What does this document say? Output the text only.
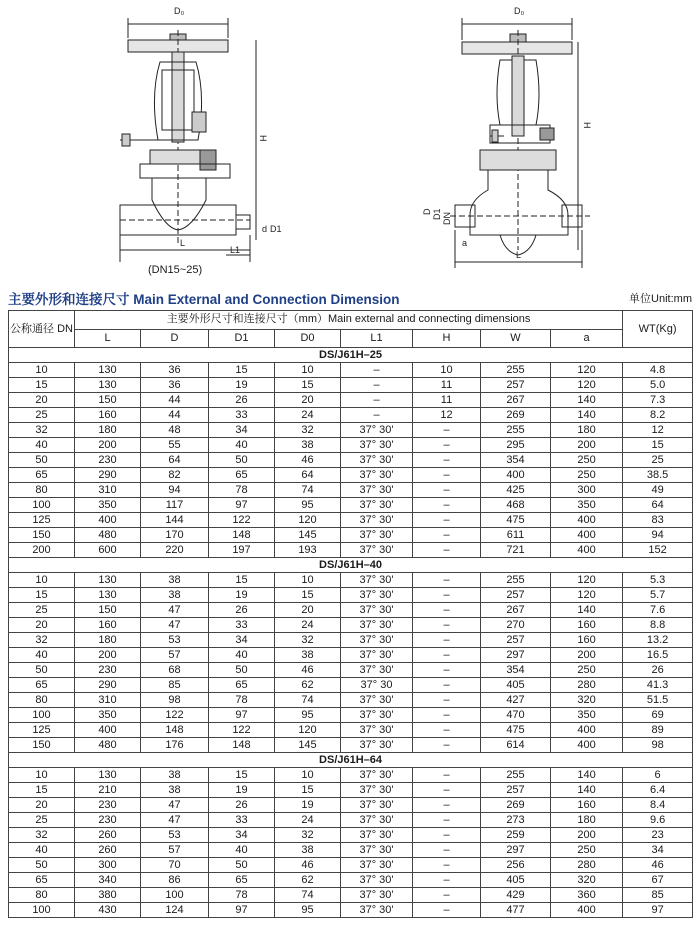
D₀
H
d D1
L
L1
D₀
H
D D1 DN
L
a
(DN15~25)
主要外形和连接尺寸 Main External and Connection Dimension	单位Unit:mm
公称通径 DN	主要外形尺寸和连接尺寸（mm）Main external and connecting dimensions								WT(Kg)
	L	D	D1	D0	L1	H	W	a	
DS/J61H–25									
10	130	36	15	10	–	10	255	120	4.8
15	130	36	19	15	–	11	257	120	5.0
20	150	44	26	20	–	11	267	140	7.3
25	160	44	33	24	–	12	269	140	8.2
32	180	48	34	32	37° 30'	–	255	180	12
40	200	55	40	38	37° 30'	–	295	200	15
50	230	64	50	46	37° 30'	–	354	250	25
65	290	82	65	64	37° 30'	–	400	250	38.5
80	310	94	78	74	37° 30'	–	425	300	49
100	350	117	97	95	37° 30'	–	468	350	64
125	400	144	122	120	37° 30'	–	475	400	83
150	480	170	148	145	37° 30'	–	611	400	94
200	600	220	197	193	37° 30'	–	721	400	152
DS/J61H–40									
10	130	38	15	10	37° 30'	–	255	120	5.3
15	130	38	19	15	37° 30'	–	257	120	5.7
25	150	47	26	20	37° 30'	–	267	140	7.6
20	160	47	33	24	37° 30'	–	270	160	8.8
32	180	53	34	32	37° 30'	–	257	160	13.2
40	200	57	40	38	37° 30'	–	297	200	16.5
50	230	68	50	46	37° 30'	–	354	250	26
65	290	85	65	62	37° 30	–	405	280	41.3
80	310	98	78	74	37° 30'	–	427	320	51.5
100	350	122	97	95	37° 30'	–	470	350	69
125	400	148	122	120	37° 30'	–	475	400	89
150	480	176	148	145	37° 30'	–	614	400	98
DS/J61H–64									
10	130	38	15	10	37° 30'	–	255	140	6
15	210	38	19	15	37° 30'	–	257	140	6.4
20	230	47	26	19	37° 30'	–	269	160	8.4
25	230	47	33	24	37° 30'	–	273	180	9.6
32	260	53	34	32	37° 30'	–	259	200	23
40	260	57	40	38	37° 30'	–	297	250	34
50	300	70	50	46	37° 30'	–	256	280	46
65	340	86	65	62	37° 30'	–	405	320	67
80	380	100	78	74	37° 30'	–	429	360	85
100	430	124	97	95	37° 30'	–	477	400	97
